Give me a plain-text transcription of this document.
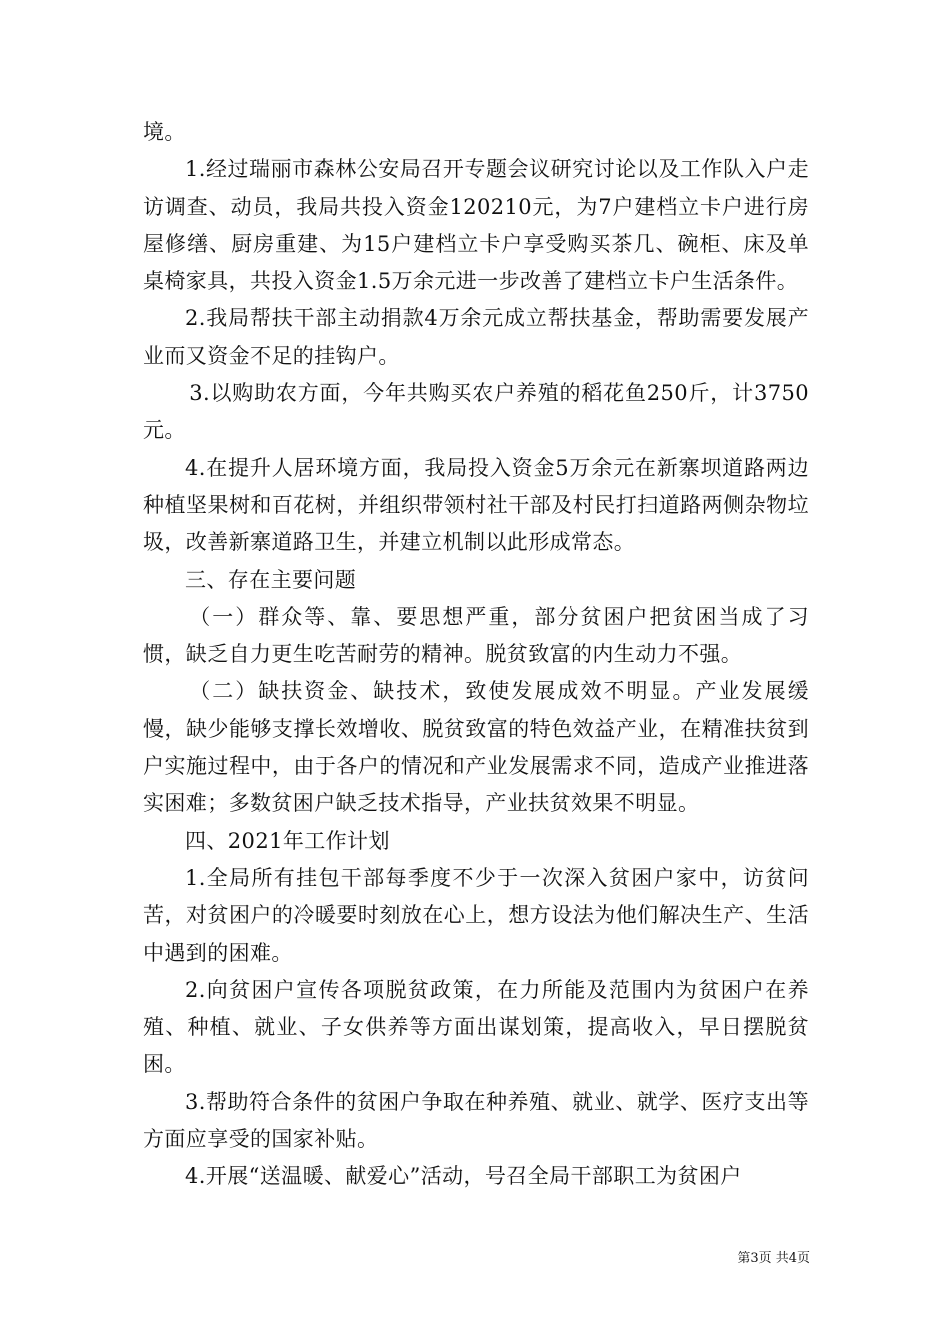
境。

1.经过瑞丽市森林公安局召开专题会议研究讨论以及工作队入户走访调查、动员，我局共投入资金120210元，为7户建档立卡户进行房屋修缮、厨房重建、为15户建档立卡户享受购买茶几、碗柜、床及单桌椅家具，共投入资金1.5万余元进一步改善了建档立卡户生活条件。

2.我局帮扶干部主动捐款4万余元成立帮扶基金，帮助需要发展产业而又资金不足的挂钩户。

3.以购助农方面，今年共购买农户养殖的稻花鱼250斤，计3750元。

4.在提升人居环境方面，我局投入资金5万余元在新寨坝道路两边种植坚果树和百花树，并组织带领村社干部及村民打扫道路两侧杂物垃圾，改善新寨道路卫生，并建立机制以此形成常态。

三、存在主要问题

（一）群众等、靠、要思想严重，部分贫困户把贫困当成了习惯，缺乏自力更生吃苦耐劳的精神。脱贫致富的内生动力不强。

（二）缺扶资金、缺技术，致使发展成效不明显。产业发展缓慢，缺少能够支撑长效增收、脱贫致富的特色效益产业，在精准扶贫到户实施过程中，由于各户的情况和产业发展需求不同，造成产业推进落实困难；多数贫困户缺乏技术指导，产业扶贫效果不明显。

四、2021年工作计划

1.全局所有挂包干部每季度不少于一次深入贫困户家中，访贫问苦，对贫困户的冷暖要时刻放在心上，想方设法为他们解决生产、生活中遇到的困难。

2.向贫困户宣传各项脱贫政策，在力所能及范围内为贫困户在养殖、种植、就业、子女供养等方面出谋划策，提高收入，早日摆脱贫困。

3.帮助符合条件的贫困户争取在种养殖、就业、就学、医疗支出等方面应享受的国家补贴。

4.开展“送温暖、献爱心”活动，号召全局干部职工为贫困户

第3页 共4页
